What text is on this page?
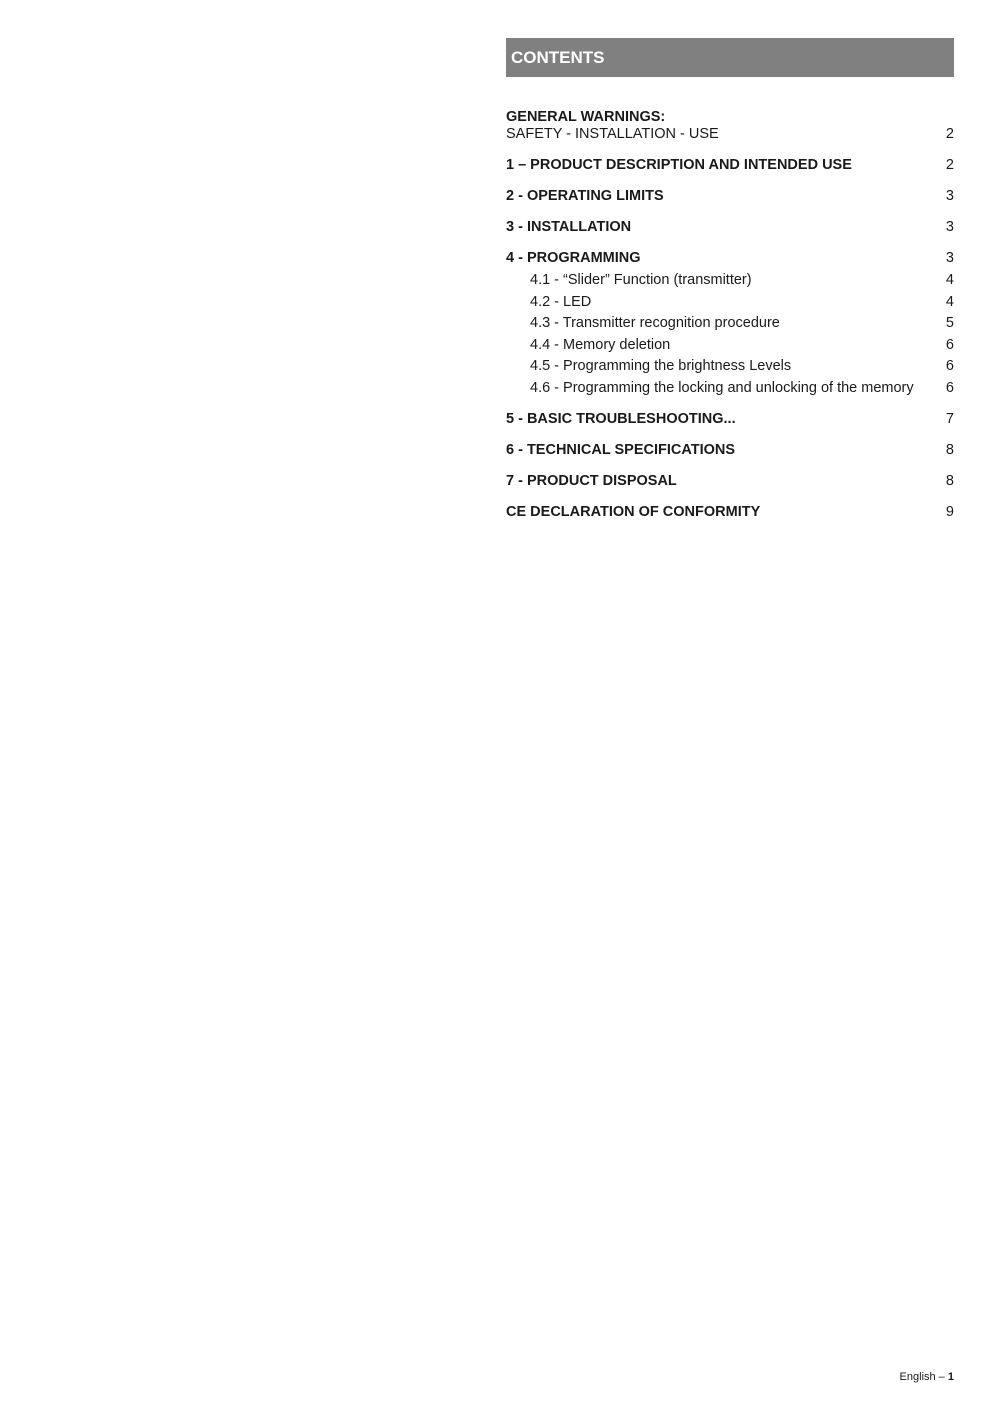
CONTENTS
GENERAL WARNINGS:
SAFETY - INSTALLATION - USE	2
1 – PRODUCT DESCRIPTION AND INTENDED USE	2
2 - OPERATING LIMITS	3
3 - INSTALLATION	3
4 - PROGRAMMING	3
4.1 - “Slider” Function (transmitter)	4
4.2 - LED	4
4.3 - Transmitter recognition procedure	5
4.4 - Memory deletion	6
4.5 - Programming the brightness Levels	6
4.6 - Programming the locking and unlocking of the memory 6
5 - BASIC TROUBLESHOOTING...	7
6 - TECHNICAL SPECIFICATIONS	8
7 - PRODUCT DISPOSAL	8
CE DECLARATION OF CONFORMITY	9
English – 1
